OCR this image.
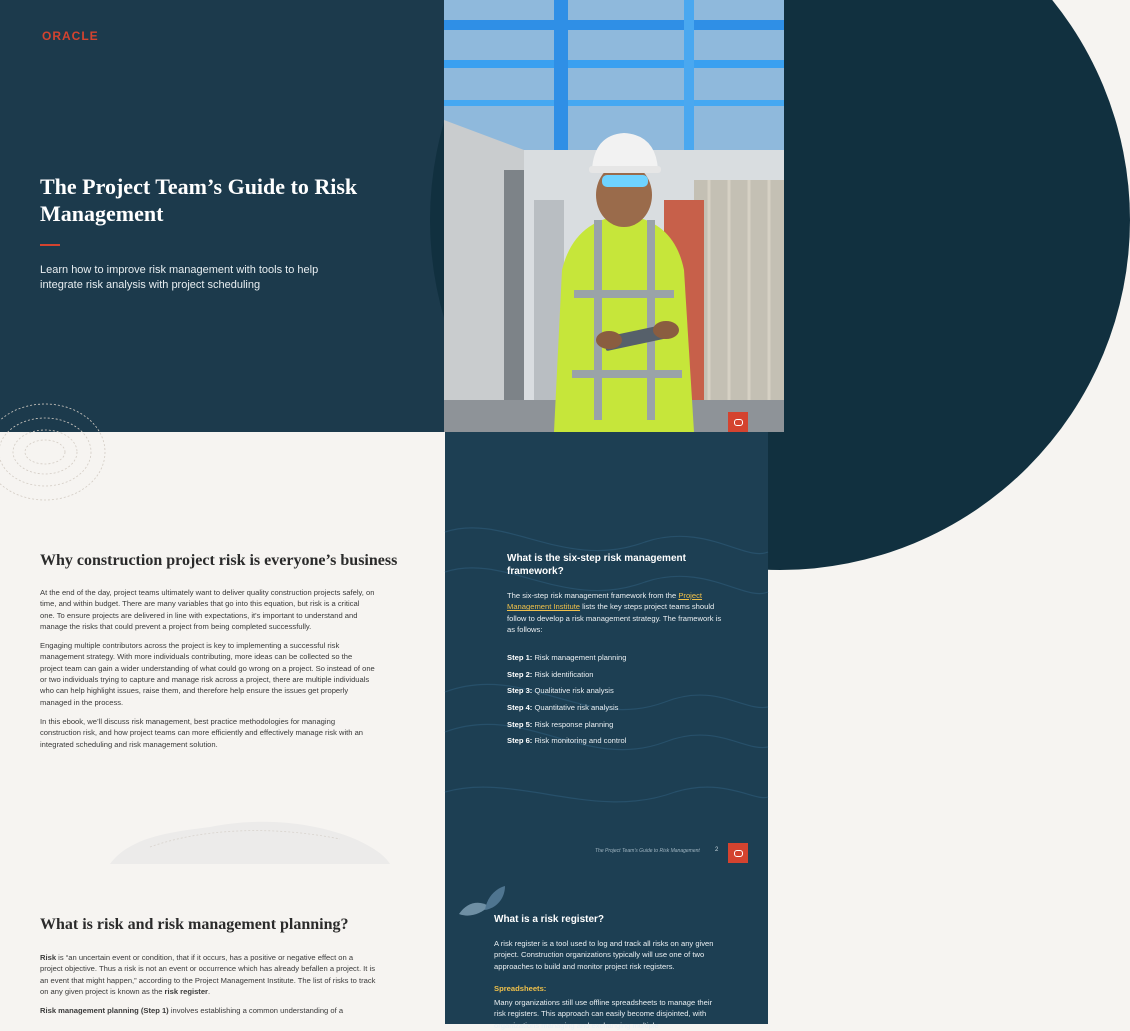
ORACLE
The Project Team’s Guide to Risk Management

Learn how to improve risk management with tools to help integrate risk analysis with project scheduling

Why construction project risk is everyone’s business

At the end of the day, project teams ultimately want to deliver quality construction projects safely, on time, and within budget. There are many variables that go into this equation, but risk is a critical one. To ensure projects are delivered in line with expectations, it's important to understand and manage the risks that could prevent a project from being completed successfully.

Engaging multiple contributors across the project is key to implementing a successful risk management strategy. With more individuals contributing, more ideas can be collected so the project team can gain a wider understanding of what could go wrong on a project. So instead of one or two individuals trying to capture and manage risk across a project, there are multiple individuals who can help highlight issues, raise them, and therefore help ensure the issues get properly managed in the process.

In this ebook, we’ll discuss risk management, best practice methodologies for managing construction risk, and how project teams can more efficiently and effectively manage risk with an integrated scheduling and risk management solution.

What is the six-step risk management framework?

The six-step risk management framework from the Project Management Institute lists the key steps project teams should follow to develop a risk management strategy. The framework is as follows:

Step 1: Risk management planning
Step 2: Risk identification
Step 3: Qualitative risk analysis
Step 4: Quantitative risk analysis
Step 5: Risk response planning
Step 6: Risk monitoring and control
The Project Team’s Guide to Risk Management	2
What is risk and risk management planning?

Risk is “an uncertain event or condition, that if it occurs, has a positive or negative effect on a project objective. Thus a risk is not an event or occurrence which has already befallen a project. It is an event that might happen,” according to the Project Management Institute. The list of risks to track on any given project is known as the risk register.

Risk management planning (Step 1) involves establishing a common understanding of a

What is a risk register?

A risk register is a tool used to log and track all risks on any given project. Construction organizations typically will use one of two approaches to build and monitor project risk registers.

Spreadsheets:

Many organizations still use offline spreadsheets to manage their risk registers. This approach can easily become disjointed, with organizations managing and exchanging multiple
